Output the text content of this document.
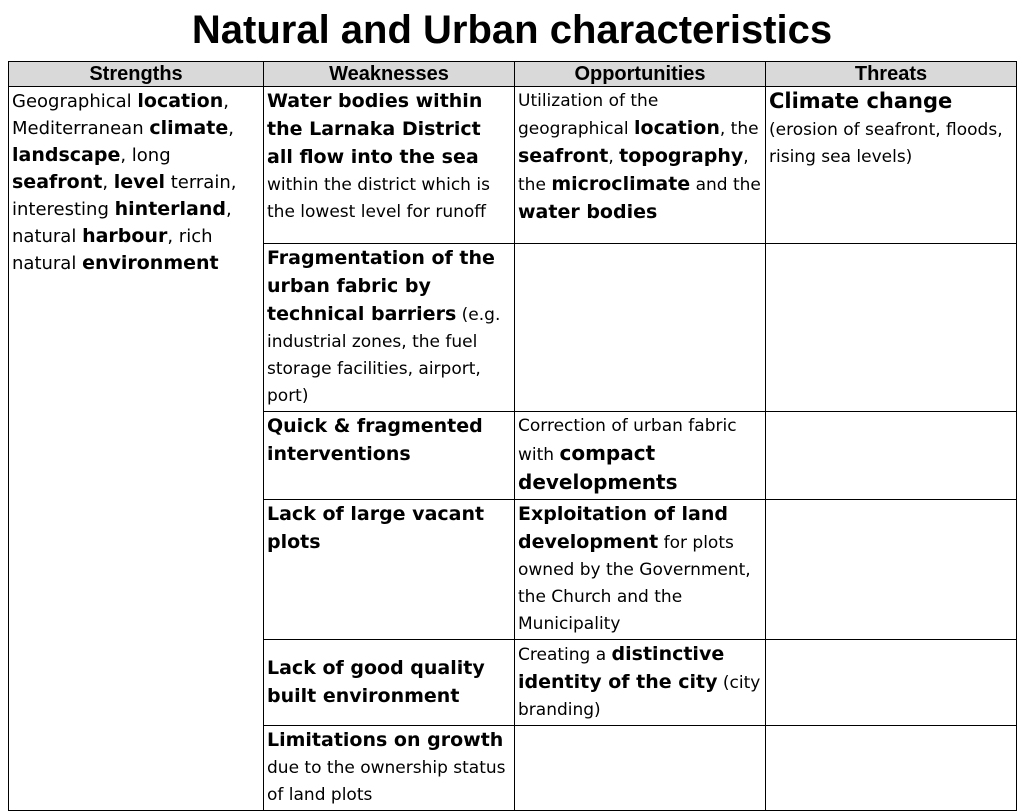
Natural and Urban characteristics
Strengths	Weaknesses	Opportunities	Threats
Geographical location, Mediterranean climate, landscape, long seafront, level terrain, interesting hinterland, natural harbour, rich natural environment	Water bodies within the Larnaka District all flow into the sea within the district which is the lowest level for runoff	Utilization of the geographical location, the seafront, topography, the microclimate and the water bodies	Climate change (erosion of seafront, floods, rising sea levels)
	Fragmentation of the urban fabric by technical barriers (e.g. industrial zones, the fuel storage facilities, airport, port)		
	Quick & fragmented interventions	Correction of urban fabric with compact developments	
	Lack of large vacant plots	Exploitation of land development for plots owned by the Government, the Church and the Municipality	
	Lack of good quality built environment	Creating a distinctive identity of the city (city branding)	
	Limitations on growth due to the ownership status of land plots		
